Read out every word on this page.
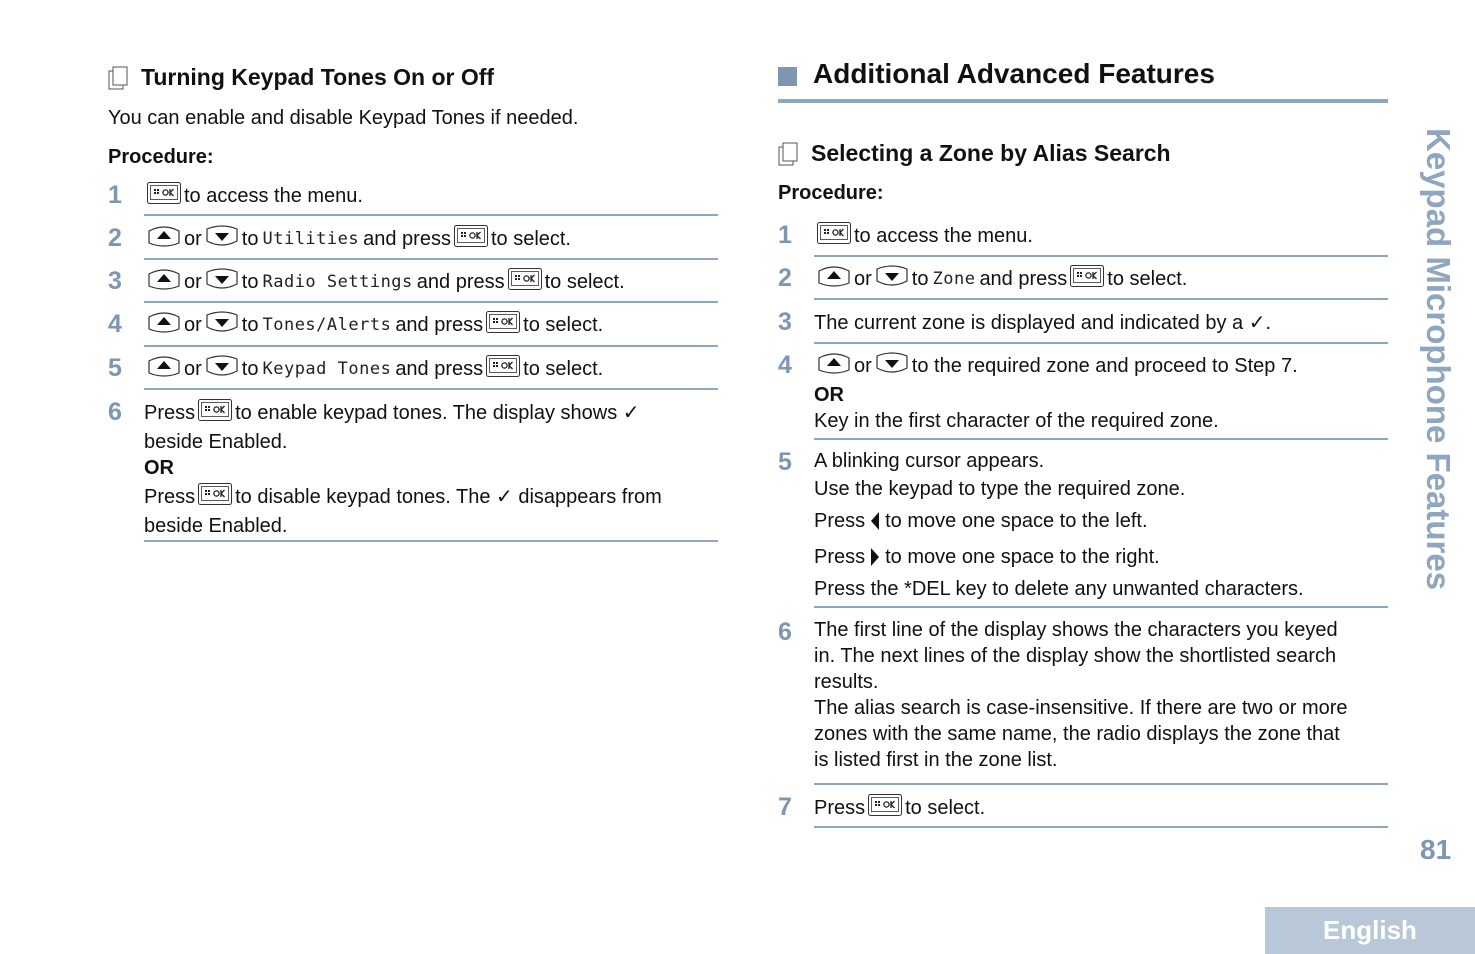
Turning Keypad Tones On or Off
You can enable and disable Keypad Tones if needed.
Procedure:
1	to access the menu.
2	or to Utilities and press to select.
3	or to Radio Settings and press to select.
4	or to Tones/Alerts and press to select.
5	or to Keypad Tones and press to select.
6 Press to enable keypad tones. The display shows ✓
beside Enabled.
OR
Press to disable keypad tones. The ✓ disappears from
beside Enabled.
Additional Advanced Features
Selecting a Zone by Alias Search
Procedure:
1	to access the menu.
2	or to Zone and press to select.
3 The current zone is displayed and indicated by a ✓.
4	or to the required zone and proceed to Step 7.
OR
Key in the first character of the required zone.
5 A blinking cursor appears.
Use the keypad to type the required zone.
Press to move one space to the left.
Press to move one space to the right.
Press the *DEL key to delete any unwanted characters.
6 The first line of the display shows the characters you keyed
in. The next lines of the display show the shortlisted search
results.
The alias search is case-insensitive. If there are two or more
zones with the same name, the radio displays the zone that
is listed first in the zone list.
7 Press to select.
Keypad Microphone Features
81
English
